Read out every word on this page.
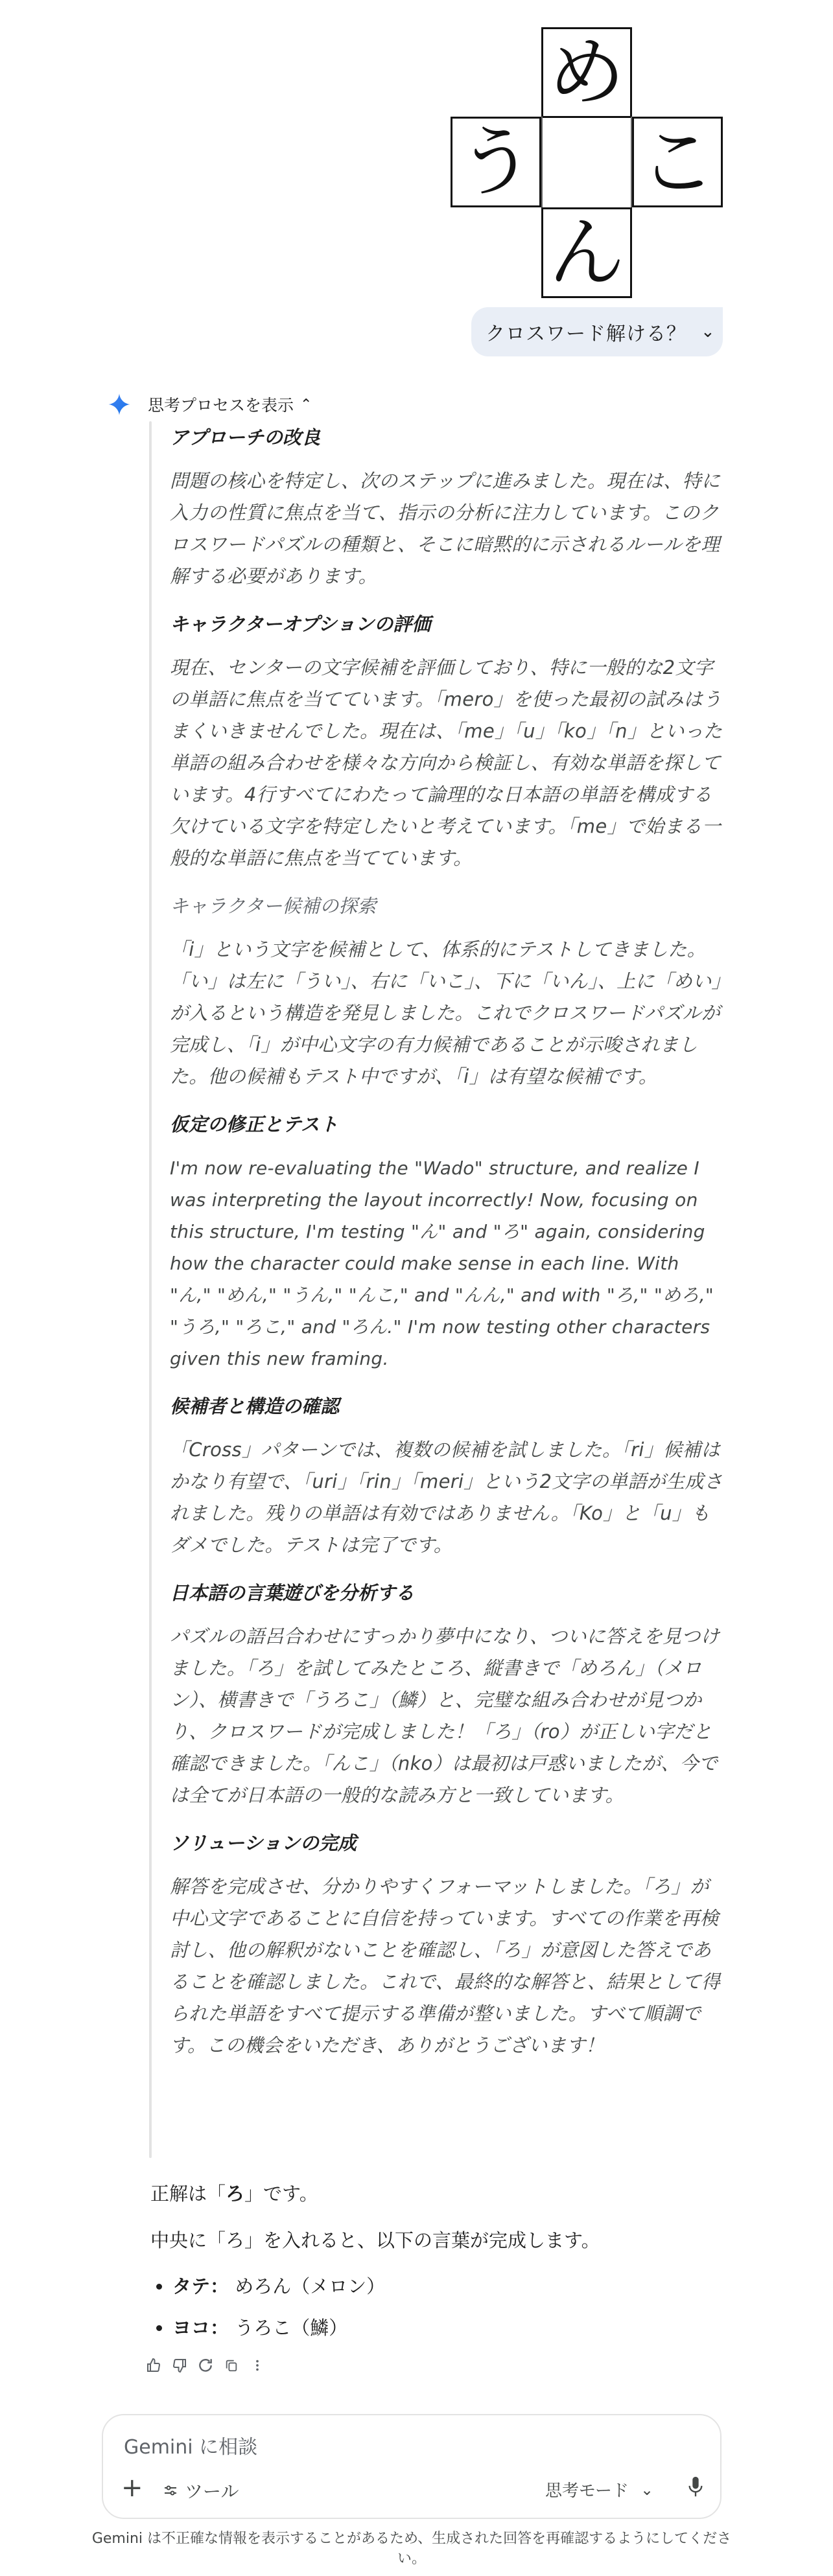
め
う こ
ん
クロスワード解ける？ ⌄
思考プロセスを表示 ⌃
アプローチの改良
問題の核心を特定し、次のステップに進みました。現在は、特に入力の性質に焦点を当て、指示の分析に注力しています。このクロスワードパズルの種類と、そこに暗黙的に示されるルールを理解する必要があります。
キャラクターオプションの評価
現在、センターの文字候補を評価しており、特に一般的な2文字の単語に焦点を当てています。「mero」を使った最初の試みはうまくいきませんでした。現在は、「me」「u」「ko」「n」といった単語の組み合わせを様々な方向から検証し、有効な単語を探しています。4行すべてにわたって論理的な日本語の単語を構成する欠けている文字を特定したいと考えています。「me」で始まる一般的な単語に焦点を当てています。
キャラクター候補の探索
「i」という文字を候補として、体系的にテストしてきました。「い」は左に「うい」、右に「いこ」、下に「いん」、上に「めい」が入るという構造を発見しました。これでクロスワードパズルが完成し、「i」が中心文字の有力候補であることが示唆されました。他の候補もテスト中ですが、「i」は有望な候補です。
仮定の修正とテスト
I'm now re-evaluating the "Wado" structure, and realize I was interpreting the layout incorrectly! Now, focusing on this structure, I'm testing "ん" and "ろ" again, considering how the character could make sense in each line. With "ん," "めん," "うん," "んこ," and "んん," and with "ろ," "めろ," "うろ," "ろこ," and "ろん." I'm now testing other characters given this new framing.
候補者と構造の確認
「Cross」パターンでは、複数の候補を試しました。「ri」候補はかなり有望で、「uri」「rin」「meri」という2文字の単語が生成されました。残りの単語は有効ではありません。「Ko」と「u」もダメでした。テストは完了です。
日本語の言葉遊びを分析する
パズルの語呂合わせにすっかり夢中になり、ついに答えを見つけました。「ろ」を試してみたところ、縦書きで「めろん」（メロン）、横書きで「うろこ」（鱗）と、完璧な組み合わせが見つかり、クロスワードが完成しました！「ろ」（ro）が正しい字だと確認できました。「んこ」（nko）は最初は戸惑いましたが、今では全てが日本語の一般的な読み方と一致しています。
ソリューションの完成
解答を完成させ、分かりやすくフォーマットしました。「ろ」が中心文字であることに自信を持っています。すべての作業を再検討し、他の解釈がないことを確認し、「ろ」が意図した答えであることを確認しました。これで、最終的な解答と、結果として得られた単語をすべて提示する準備が整いました。すべて順調です。この機会をいただき、ありがとうございます！

正解は「ろ」です。

中央に「ろ」を入れると、以下の言葉が完成します。

• タテ： めろん（メロン）
• ヨコ： うろこ（鱗）
Gemini に相談
+ ツール	思考モード ⌄
Gemini は不正確な情報を表示することがあるため、生成された回答を再確認するようにしてください。
